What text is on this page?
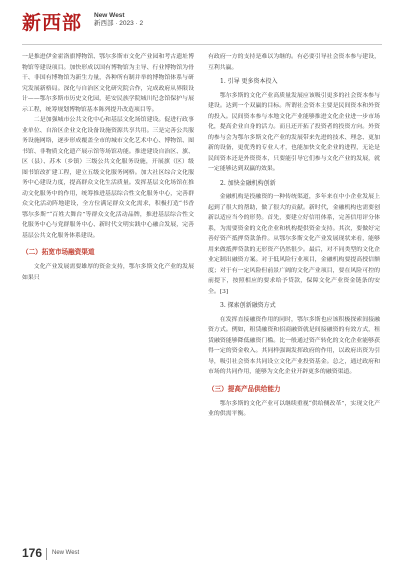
新西部 New West
新西部 · 2023 · 2

一是推进伊金霍洛旗博物馆、鄂尔多斯市文化产业园和考古遗址博物馆等建设项目。加快形成以国有博物馆为主导、行业博物馆为骨干、非国有博物馆为新生力量，各种所有制并举的博物馆体系与研究发展新格局。深化与自治区文化研究院合作，完成政府从界限设计——鄂尔多斯市历史文化园，延安民族学院城川纪念馆保护与展示工程，统筹规划博物馆基本陈列提升改造项目等。

二是加强城市公共文化中心和基层文化场馆建设。促进行政事业单位、自治区企业文化设备设施资源共享共用。三是完善公共服务设施网络，逐步形成覆盖全市的城市文化艺术中心、博物馆、图书馆、非物质文化遗产展示馆等场馆功能。推进建设自治区、旗、区（县）、苏木（乡镇）三级公共文化服务设施，开展旗（区）级图书馆改扩建工程，建立五级文化服务网格。加大社区综合文化服务中心建设力度，提高群众文化生活质量。发挥基层文化场馆在推动文化服务中的作用，统筹推进基层综合性文化服务中心，完善群众文化活动阵地建设，全方位满足群众文化需求，积极打造“书香鄂尔多斯”“百姓大舞台”等群众文化活动品牌，推进基层综合性文化服务中心与党群服务中心、新时代文明实践中心融合发展，完善基层公共文化服务体系建设。

（二）拓宽市场融资渠道

文化产业发展需要雄厚的资金支持，鄂尔多斯文化产业的发展如果只

有政府一方的支持是难以为继的。有必要引导社会资本参与建设，互利共赢。

1. 引导 更多资本投入

鄂尔多斯的文化产业高质量发展应该吸引更多的社会资本参与建设。达到一个双赢的目标。所谓社会资本主要是民间资本和外资的投入。民间资本参与本地文化产业能够推进文化企业进一步市场化，提高企业自身的活力。而且还开拓了投资者的投资方向。外资的参与会为鄂尔多斯文化产业的发展带来先进的技术、理念、更加新的设备，更优秀的专业人才，也能加快文化企业的进程，无论是民间资本还是外资资本，只要能引导它们参与文化产业的发展，就一定能够达到双赢的效果。

2. 加快金融机构创新

金融机构是投融资的一种传统渠道，多年来在中小企业发展上起到了很大的帮助，做了很大的贡献。新时代，金融机构也需要创新以适应当今的形势。首先，要建立好信用体系，完善信用评分体系，为需要资金的文化企业和机构提供资金支持。其次，要做好完善好资产抵押贷款条件。从鄂尔多斯文化产业发展现状来看，能够用来做抵押贷款的无形资产仍然很少。最后，对不同类型的文化企业定制出融资方案。对于低风险行业项目，金融机构要提高授信额度；对于有一定风险但前景广阔的文化产业项目，要在风险可控的前提下，按照相应的要求给予贷款，保障文化产业资金链条的安全。[3]

3. 探索创新融资方式

在发挥直接融资作用的同时，鄂尔多斯也应该积极探索间接融资方式。例如，租赁融资和招商融资就是间接融资的有效方式，租赁融资能够降低融资门槛。比一般通过资产转化的文化企业能够获得一定的资金收入。其同样强调发挥政府的作用，以政府出资为引导，吸引社会资本共同设立文化产业投资基金。总之，通过政府和市场的共同作用，能够为文化企业开辟更多的融资渠道。

（三）提高产品供给能力

鄂尔多斯的文化产业可以继续重视“供给侧改革”，实现文化产业的供需平衡。

176 New West
